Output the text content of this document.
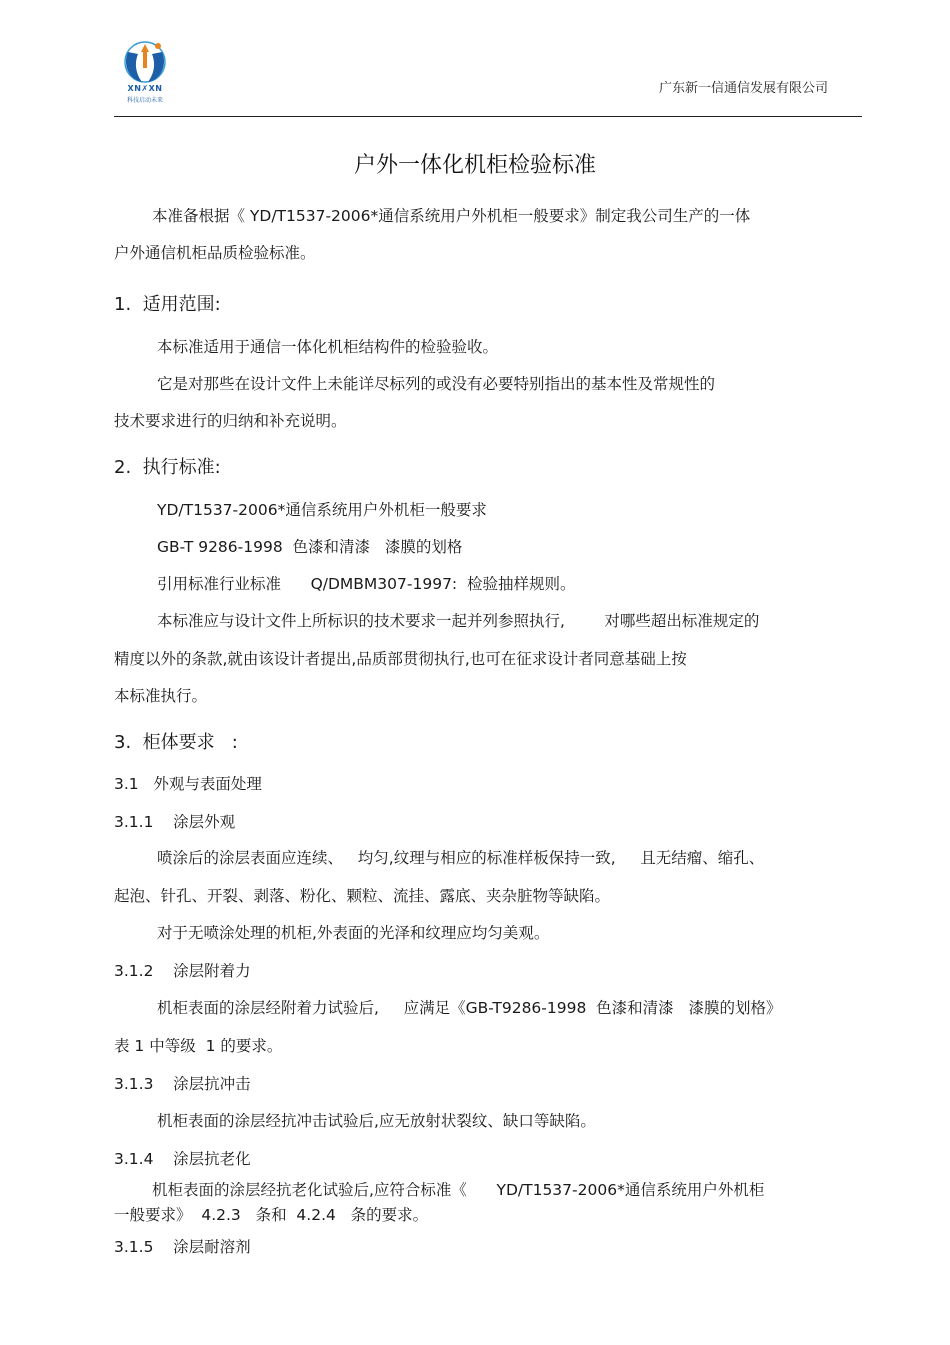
XN✗XN
科技启动未来
广东新一信通信发展有限公司
户外一体化机柜检验标准
本准备根据《 YD/T1537-2006*通信系统用户外机柜一般要求》制定我公司生产的一体
户外通信机柜品质检验标准。
1.  适用范围:
本标准适用于通信一体化机柜结构件的检验验收。
它是对那些在设计文件上未能详尽标列的或没有必要特别指出的基本性及常规性的
技术要求进行的归纳和补充说明。
2.  执行标准:
YD/T1537-2006*通信系统用户外机柜一般要求
GB-T 9286-1998  色漆和清漆   漆膜的划格
引用标准行业标准      Q/DMBM307-1997:  检验抽样规则。
本标准应与设计文件上所标识的技术要求一起并列参照执行,        对哪些超出标准规定的
精度以外的条款,就由该设计者提出,品质部贯彻执行,也可在征求设计者同意基础上按
本标准执行。
3.  柜体要求   :
3.1   外观与表面处理
3.1.1    涂层外观
喷涂后的涂层表面应连续、   均匀,纹理与相应的标准样板保持一致,     且无结瘤、缩孔、
起泡、针孔、开裂、剥落、粉化、颗粒、流挂、露底、夹杂脏物等缺陷。
对于无喷涂处理的机柜,外表面的光泽和纹理应均匀美观。
3.1.2    涂层附着力
机柜表面的涂层经附着力试验后,     应满足《GB-T9286-1998  色漆和清漆   漆膜的划格》
表 1 中等级  1 的要求。
3.1.3    涂层抗冲击
机柜表面的涂层经抗冲击试验后,应无放射状裂纹、缺口等缺陷。
3.1.4    涂层抗老化
机柜表面的涂层经抗老化试验后,应符合标准《      YD/T1537-2006*通信系统用户外机柜
一般要求》  4.2.3   条和  4.2.4   条的要求。
3.1.5    涂层耐溶剂
